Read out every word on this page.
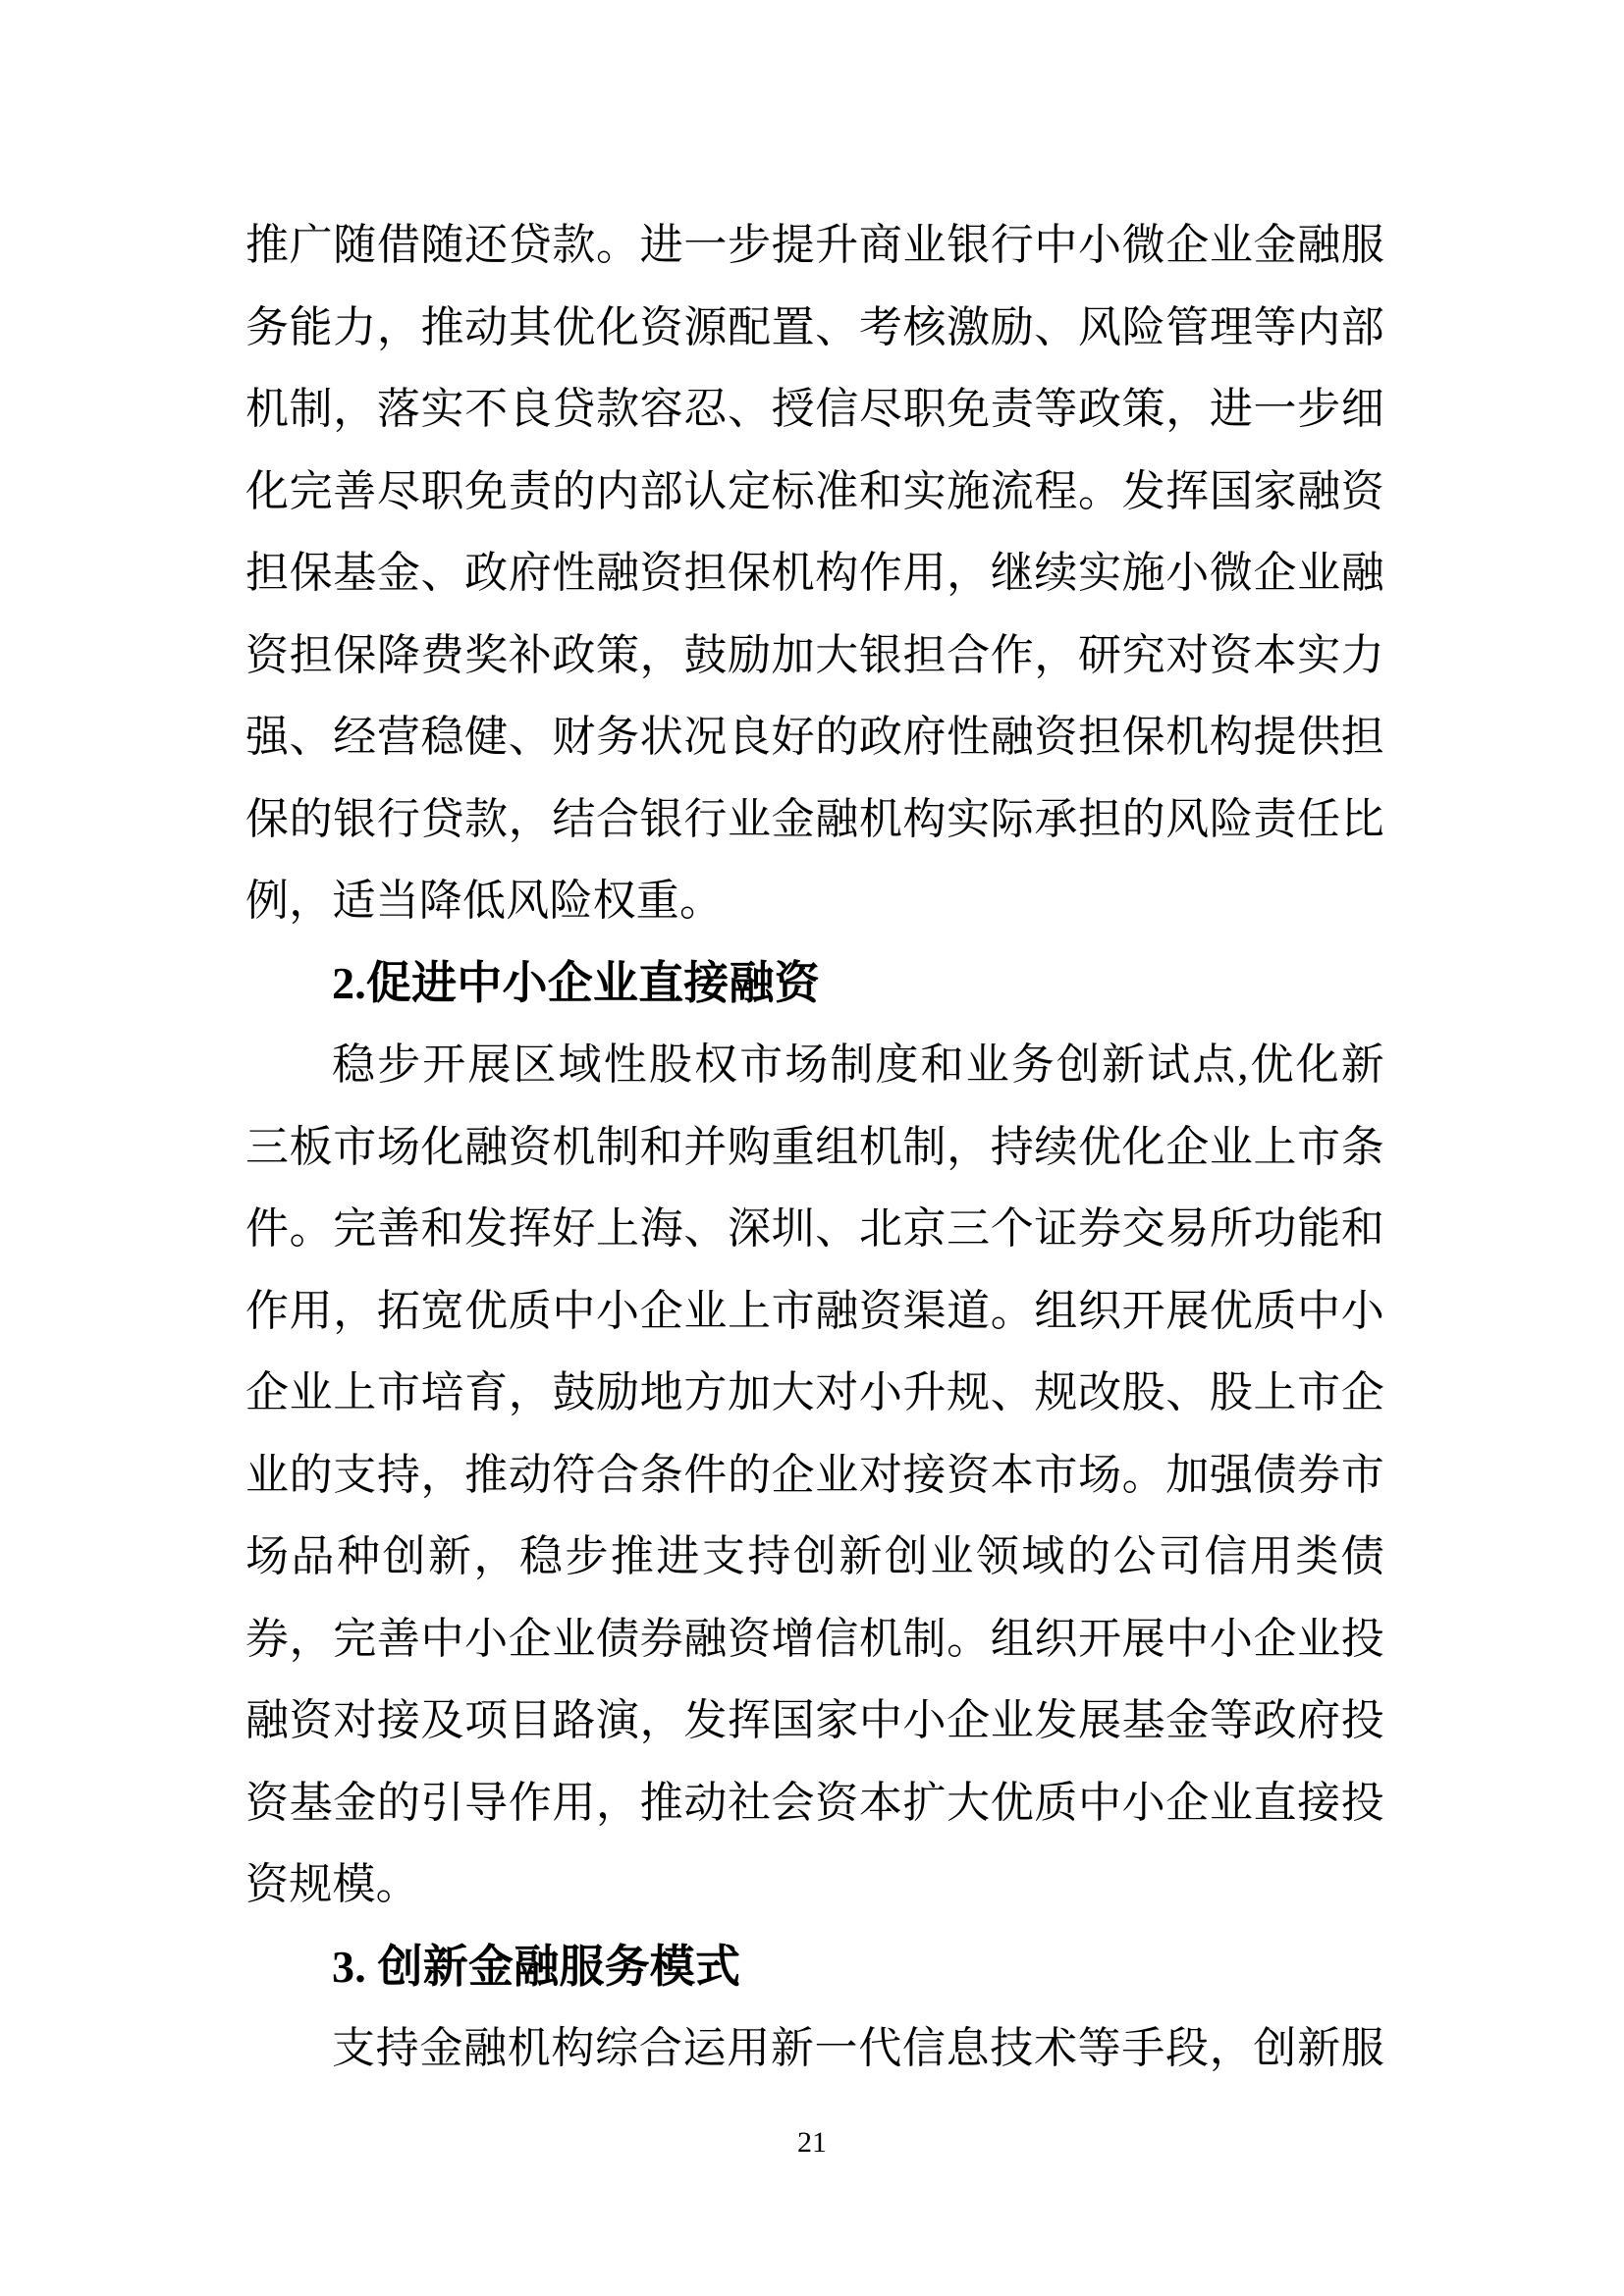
推广随借随还贷款。进一步提升商业银行中小微企业金融服
务能力，推动其优化资源配置、考核激励、风险管理等内部
机制，落实不良贷款容忍、授信尽职免责等政策，进一步细
化完善尽职免责的内部认定标准和实施流程。发挥国家融资
担保基金、政府性融资担保机构作用，继续实施小微企业融
资担保降费奖补政策，鼓励加大银担合作，研究对资本实力
强、经营稳健、财务状况良好的政府性融资担保机构提供担
保的银行贷款，结合银行业金融机构实际承担的风险责任比
例，适当降低风险权重。
2.促进中小企业直接融资
稳步开展区域性股权市场制度和业务创新试点,优化新
三板市场化融资机制和并购重组机制，持续优化企业上市条
件。完善和发挥好上海、深圳、北京三个证券交易所功能和
作用，拓宽优质中小企业上市融资渠道。组织开展优质中小
企业上市培育，鼓励地方加大对小升规、规改股、股上市企
业的支持，推动符合条件的企业对接资本市场。加强债券市
场品种创新，稳步推进支持创新创业领域的公司信用类债
券，完善中小企业债券融资增信机制。组织开展中小企业投
融资对接及项目路演，发挥国家中小企业发展基金等政府投
资基金的引导作用，推动社会资本扩大优质中小企业直接投
资规模。
3. 创新金融服务模式
支持金融机构综合运用新一代信息技术等手段，创新服
21
